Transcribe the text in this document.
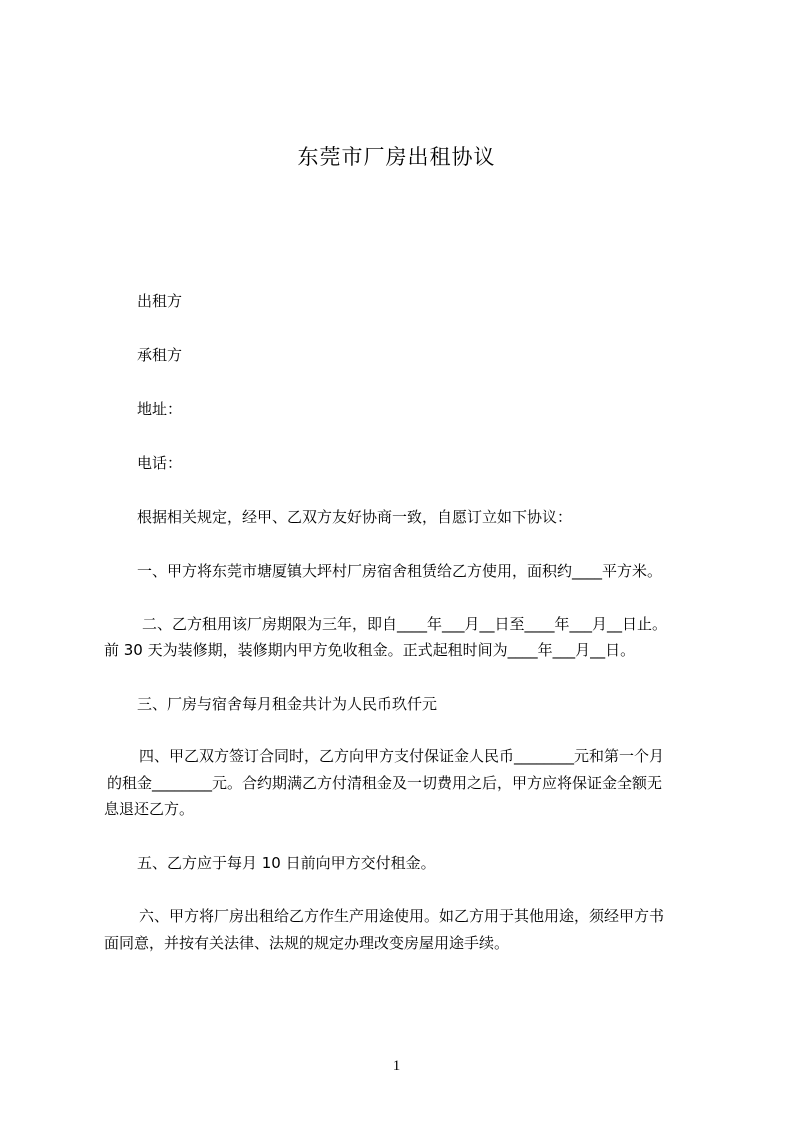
东莞市厂房出租协议
出租方
承租方
地址：
电话：
根据相关规定，经甲、乙双方友好协商一致，自愿订立如下协议：
一、甲方将东莞市塘厦镇大坪村厂房宿舍租赁给乙方使用，面积约____平方米。
二、乙方租用该厂房期限为三年，即自____年___月__日至____年___月__日止。
前 30 天为装修期，装修期内甲方免收租金。正式起租时间为____年___月__日。
三、厂房与宿舍每月租金共计为人民币玖仟元
四、甲乙双方签订合同时，乙方向甲方支付保证金人民币________元和第一个月
的租金________元。合约期满乙方付清租金及一切费用之后，甲方应将保证金全额无
息退还乙方。
五、乙方应于每月 10 日前向甲方交付租金。
六、甲方将厂房出租给乙方作生产用途使用。如乙方用于其他用途，须经甲方书
面同意，并按有关法律、法规的规定办理改变房屋用途手续。
1
